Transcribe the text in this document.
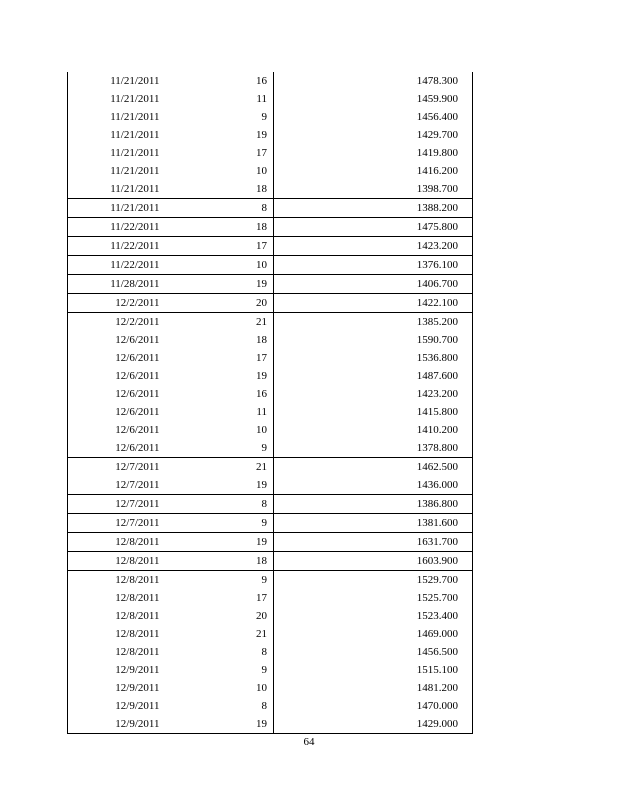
11/21/2011	16	1478.300
11/21/2011	11	1459.900
11/21/2011	9	1456.400
11/21/2011	19	1429.700
11/21/2011	17	1419.800
11/21/2011	10	1416.200
11/21/2011	18	1398.700
11/21/2011	8	1388.200
11/22/2011	18	1475.800
11/22/2011	17	1423.200
11/22/2011	10	1376.100
11/28/2011	19	1406.700
12/2/2011	20	1422.100
12/2/2011	21	1385.200
12/6/2011	18	1590.700
12/6/2011	17	1536.800
12/6/2011	19	1487.600
12/6/2011	16	1423.200
12/6/2011	11	1415.800
12/6/2011	10	1410.200
12/6/2011	9	1378.800
12/7/2011	21	1462.500
12/7/2011	19	1436.000
12/7/2011	8	1386.800
12/7/2011	9	1381.600
12/8/2011	19	1631.700
12/8/2011	18	1603.900
12/8/2011	9	1529.700
12/8/2011	17	1525.700
12/8/2011	20	1523.400
12/8/2011	21	1469.000
12/8/2011	8	1456.500
12/9/2011	9	1515.100
12/9/2011	10	1481.200
12/9/2011	8	1470.000
12/9/2011	19	1429.000
64
